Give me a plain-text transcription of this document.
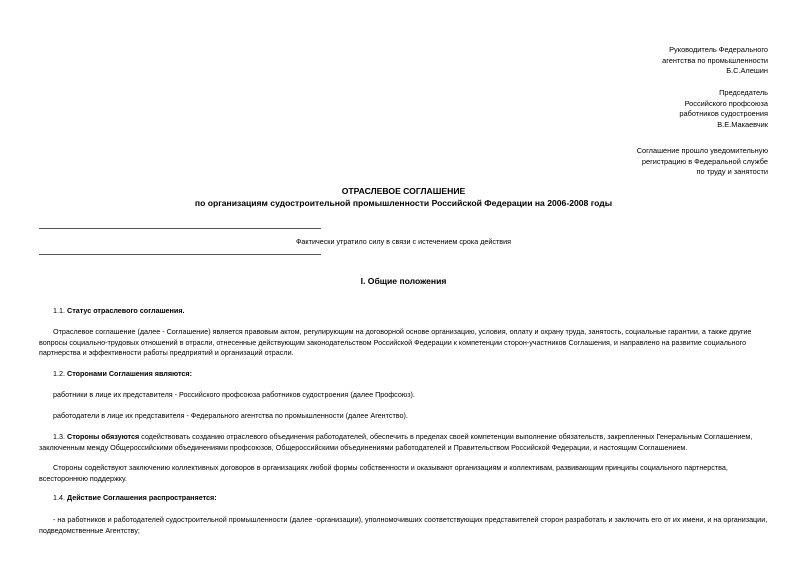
Руководитель Федерального
агентства по промышленности
Б.С.Алешин
Председатель
Российского профсоюза
работников судостроения
В.Е.Макаевчик
Соглашение прошло уведомительную
регистрацию в Федеральной службе
по труду и занятости
ОТРАСЛЕВОЕ СОГЛАШЕНИЕ
по организациям судостроительной промышленности Российской Федерации на 2006-2008 годы
Фактически утратило силу в связи с истечением срока действия
I. Общие положения
1.1. Статус отраслевого соглашения.
Отраслевое соглашение (далее - Соглашение) является правовым актом, регулирующим на договорной основе организацию, условия, оплату и охрану труда, занятость, социальные гарантии, а также другие
вопросы социально-трудовых отношений в отрасли, отнесенные действующим законодательством Российской Федерации к компетенции сторон-участников Соглашения, и направлено на развитие социального
партнерства и эффективности работы предприятий и организаций отрасли.
1.2. Сторонами Соглашения являются:
работники в лице их представителя - Российского профсоюза работников судостроения (далее Профсоюз).
работодатели в лице их представителя - Федерального агентства по промышленности (далее Агентство).
1.3. Стороны обязуются содействовать созданию отраслевого объединения работодателей, обеспечить в пределах своей компетенции выполнение обязательств, закрепленных Генеральным Соглашением,
заключенным между Общероссийскими объединениями профсоюзов, Общероссийскими объединениями работодателей и Правительством Российской Федерации, и настоящим Соглашением.
Стороны содействуют заключению коллективных договоров в организациях любой формы собственности и оказывают организациям и коллективам, развивающим принципы социального партнерства,
всестороннюю поддержку.
1.4. Действие Соглашения распространяется:
- на работников и работодателей судостроительной промышленности (далее -организации), уполномочивших соответствующих представителей сторон разработать и заключить его от их имени, и на организации,
подведомственные Агентству;
